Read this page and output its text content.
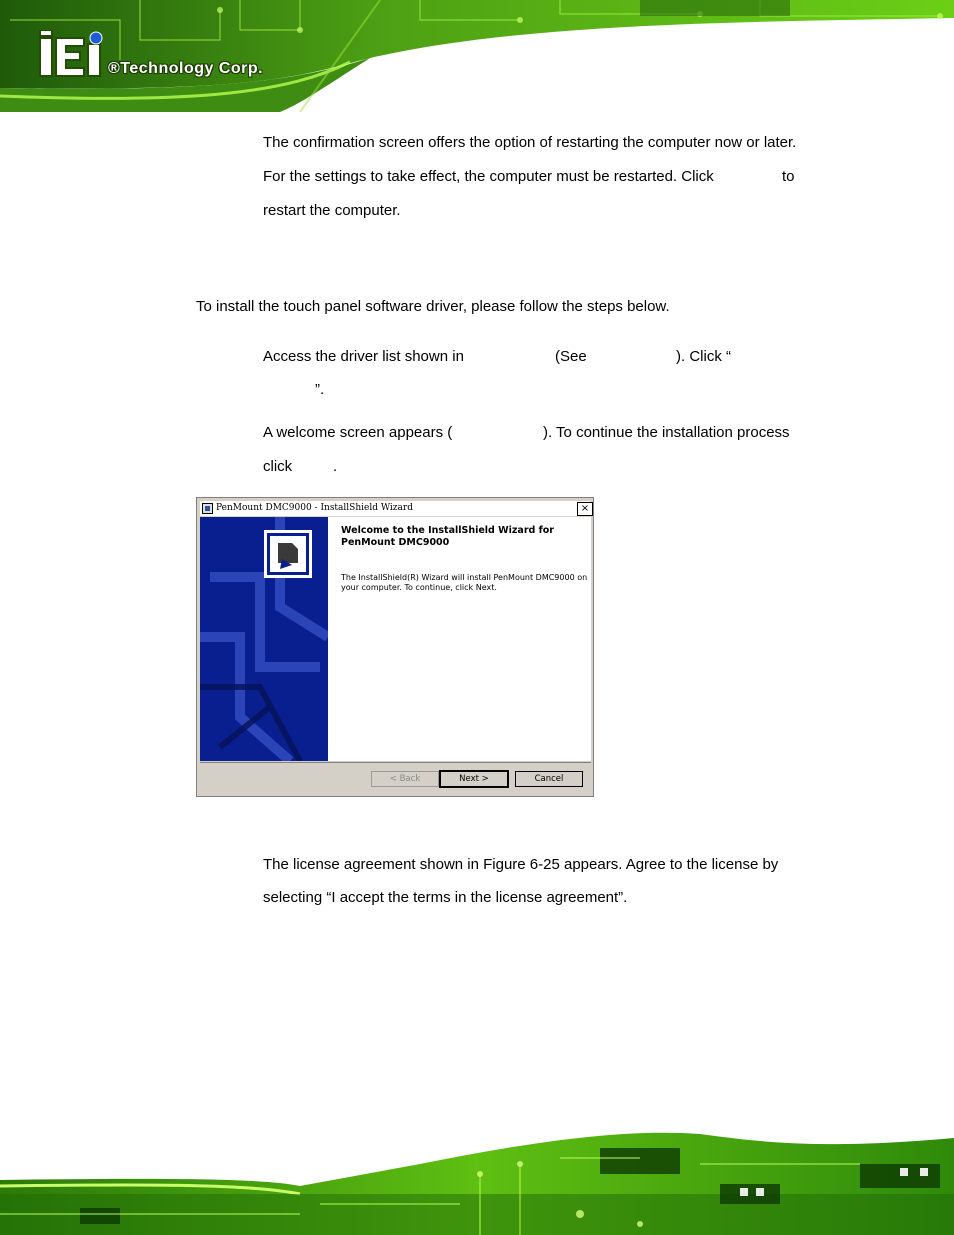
®Technology Corp.
The confirmation screen offers the option of restarting the computer now or later.
For the settings to take effect, the computer must be restarted. Click	to
restart the computer.
To install the touch panel software driver, please follow the steps below.
Access the driver list shown in	(See	). Click “
”.
A welcome screen appears (	). To continue the installation process
click	.
PenMount DMC9000 - InstallShield Wizard	×
Welcome to the InstallShield Wizard for PenMount DMC9000
The InstallShield(R) Wizard will install PenMount DMC9000 on your computer. To continue, click Next.
< Back	Next >	Cancel
The license agreement shown in Figure 6-25 appears. Agree to the license by
selecting “I accept the terms in the license agreement”.
